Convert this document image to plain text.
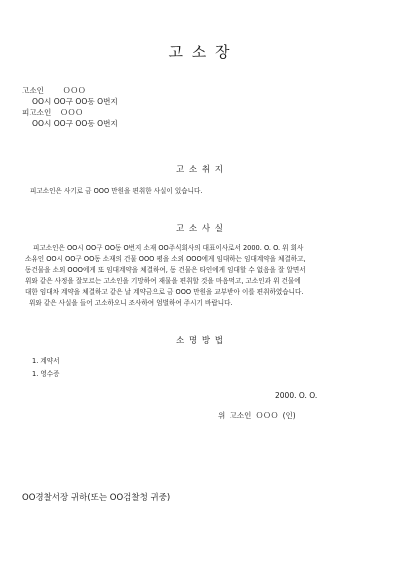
고 소 장
고소인 ＯＯＯ
OO시 OO구 OO동 O번지
피고소인 ＯＯＯ
OO시 OO구 OO동 O번지
고 소 취 지
피고소인은 사기로 금 OOO 만원을 편취한 사실이 있습니다.
고 소 사 실

피고소인은 OO시 OO구 OO동 O번지 소재 OO주식회사의 대표이사로서 2000. O. O. 위 회사

소유인 OO시 OO구 OO동 소재의 건물 OOO 평을 소외 OOO에게 임대하는 임대계약을 체결하고,

동건물을 소외 OOO에게 또 임대계약을 체결하여, 동 건물은 타인에게 임대할 수 없음을 잘 알면서

위와 같은 사정을 잘모르는 고소인을 기망하여 재물을 편취할 것을 마음먹고, 고소인과 위 건물에

대한 임대차 계약을 체결하고 같은 날 계약금으로 금 OOO 만원을 교부받아 이를 편취하였습니다.

위와 같은 사실을 들어 고소하오니 조사하여 엄벌하여 주시기 바랍니다.

소 명 방 법
1. 계약서
1. 영수증
2000. O. O.
위 고소인 ＯＯＯ (인)
OO경찰서장 귀하(또는 OO검찰청 귀중)
